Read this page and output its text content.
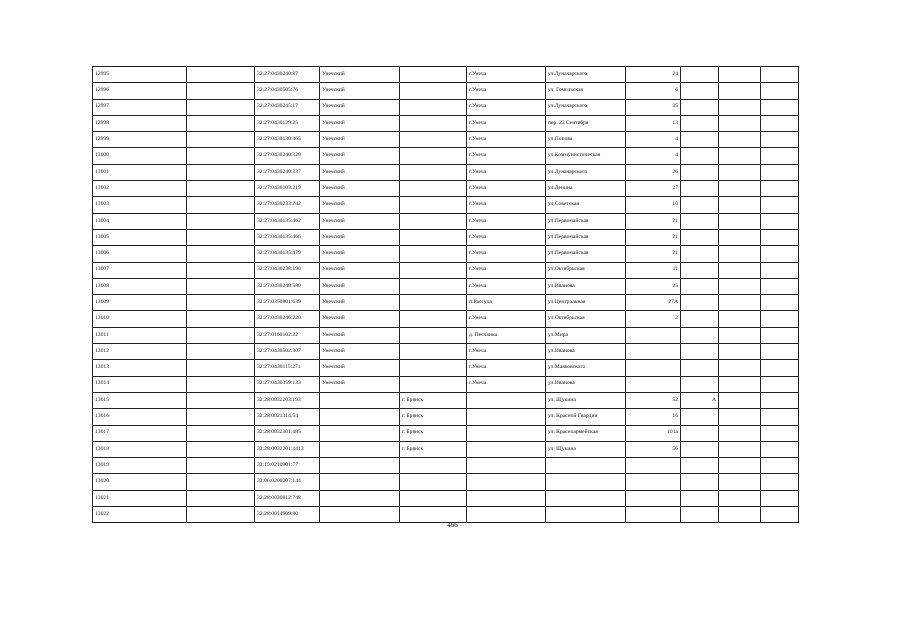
12995		32:27:0430240:87	Унечский		г.Унеча	ул.Луначарского	24			
12996		32:27:0430505:76	Унечский		г.Унеча	ул. Гомельская	6			
12997		32:27:0430245:17	Унечский		г.Унеча	ул.Луначарского	35			
12998		32:27:0430129:25	Унечский		г.Унеча	пер. 23 Сентября	13			
12999		32:27:0430130:465	Унечский		г.Унеча	ул.Попова	4			
13000		32:27:0430240:320	Унечский		г.Унеча	ул.Коммунистическая	4			
13001		32:27:0430240:337	Унечский		г.Унеча	ул.Луначарского	26			
13002		32:27:0430103:219	Унечский		г.Унеча	ул.Ленина	27			
13003		32:27:0430233:242	Унечский		г.Унеча	ул.Советская	10			
13004		32:27:0430135:462	Унечский		г.Унеча	ул.Первомайская	21			
13005		32:27:0430135:466	Унечский		г.Унеча	ул.Первомайская	21			
13006		32:27:0430135:479	Унечский		г.Унеча	ул.Первомайская	21			
13007		32:27:0430238:190	Унечский		г.Унеча	ул.Октябрьская	11			
13008		32:27:0430248:580	Унечский		г.Унеча	ул.Иванова	25			
13009		32:27:0350801:639	Унечский		п.Рассуха	ул.Центральная	27А			
13010		32:27:0430246:220	Унечский		г.Унеча	ул.Октябрьская	2			
13011		32:27:0160102:22	Унечский		д. Песчанка	ул.Мира				
13012		32:27:0430502:307	Унечский		г.Унеча	ул.Иванова				
13013		32:27:0430115:271	Унечский		г.Унеча	ул.Маяковского				
13014		32:27:0430359:133	Унечский		г.Унеча	ул.Иванова				
13015		32:28:0032203:193		г. Брянск		ул. Щукина	52	А		
13016		32:28:0021314:54		г. Брянск		ул. Красной Гвардии	16			
13017		32:28:0032301:485		г. Брянск		ул. Красноармейская	101а			
13018		32:28:0032201:4413		г. Брянск		ул. Щукина	56			
13019		32:19:0210901:77								
13020		32:06:0200207:144								
13021		32:28:0030812:748								
13022		32:28:0014909:80								
466
